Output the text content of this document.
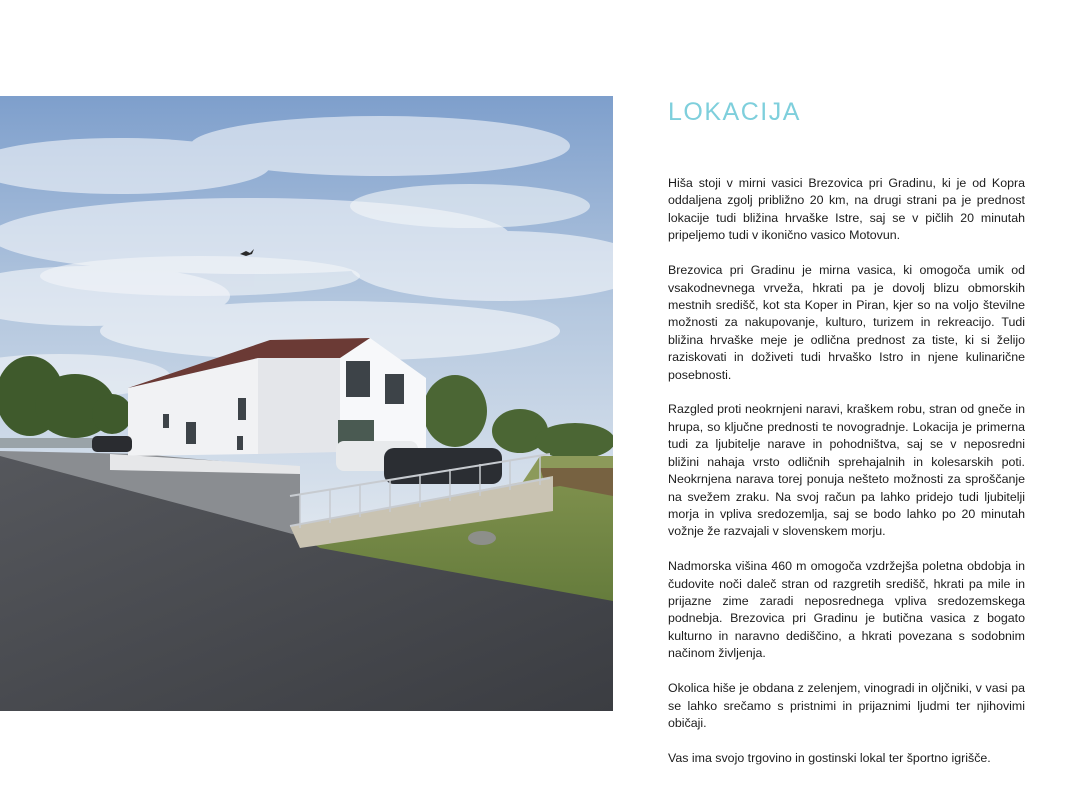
LOKACIJA

Hiša stoji v mirni vasici Brezovica pri Gradinu, ki je od Kopra oddaljena zgolj približno 20 km, na drugi strani pa je prednost lokacije tudi bližina hrvaške Istre, saj se v pičlih 20 minutah pripeljemo tudi v ikonično vasico Motovun.

Brezovica pri Gradinu je mirna vasica, ki omogoča umik od vsakodnevnega vrveža, hkrati pa je dovolj blizu obmorskih mestnih središč, kot sta Koper in Piran, kjer so na voljo številne možnosti za nakupovanje, kulturo, turizem in rekreacijo. Tudi bližina hrvaške meje je odlična prednost za tiste, ki si želijo raziskovati in doživeti tudi hrvaško Istro in njene kulinarične posebnosti.

Razgled proti neokrnjeni naravi, kraškem robu, stran od gneče in hrupa, so ključne prednosti te novogradnje. Lokacija je primerna tudi za ljubitelje narave in pohodništva, saj se v neposredni bližini nahaja vrsto odličnih sprehajalnih in kolesarskih poti. Neokrnjena narava torej ponuja nešteto možnosti za sproščanje na svežem zraku. Na svoj račun pa lahko pridejo tudi ljubitelji morja in vpliva sredozemlja, saj se bodo lahko po 20 minutah vožnje že razvajali v slovenskem morju.

Nadmorska višina 460 m omogoča vzdržejša poletna obdobja in čudovite noči daleč stran od razgretih središč, hkrati pa mile in prijazne zime zaradi neposrednega vpliva sredozemskega podnebja. Brezovica pri Gradinu je butična vasica z bogato kulturno in naravno dediščino, a hkrati povezana s sodobnim načinom življenja.

Okolica hiše je obdana z zelenjem, vinogradi in oljčniki, v vasi pa se lahko srečamo s pristnimi in prijaznimi ljudmi ter njihovimi običaji.

Vas ima svojo trgovino in gostinski lokal ter športno igrišče.
